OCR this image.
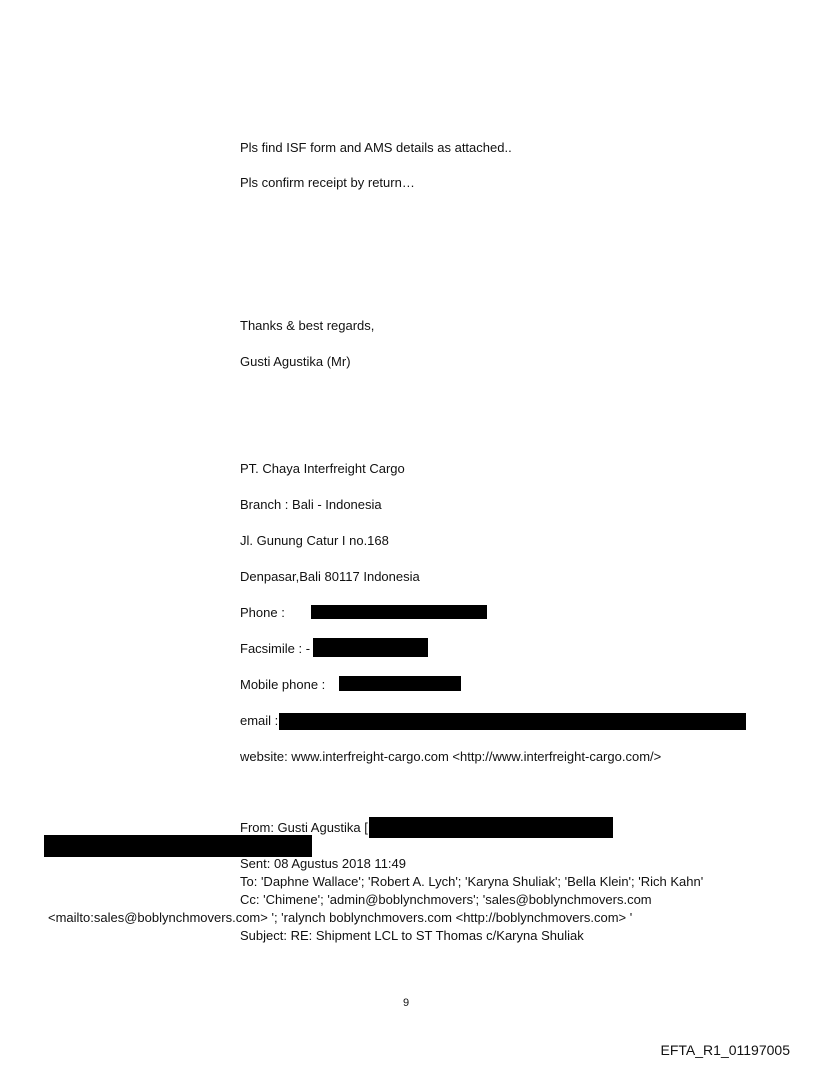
Pls find ISF form and AMS details as attached..

Pls confirm receipt by return…

Thanks & best regards,

Gusti Agustika (Mr)

PT. Chaya Interfreight Cargo

Branch : Bali - Indonesia

Jl. Gunung Catur I no.168

Denpasar,Bali 80117 Indonesia

Phone :

Facsimile : -

Mobile phone :

email :

website: www.interfreight-cargo.com <http://www.interfreight-cargo.com/>

From: Gusti Agustika [

Sent: 08 Agustus 2018 11:49

To: 'Daphne Wallace'; 'Robert A. Lych'; 'Karyna Shuliak'; 'Bella Klein'; 'Rich Kahn'

Cc: 'Chimene'; 'admin@boblynchmovers'; 'sales@boblynchmovers.com

<mailto:sales@boblynchmovers.com> '; 'ralynch boblynchmovers.com <http://boblynchmovers.com> '

Subject: RE: Shipment LCL to ST Thomas c/Karyna Shuliak

9
EFTA_R1_01197005
